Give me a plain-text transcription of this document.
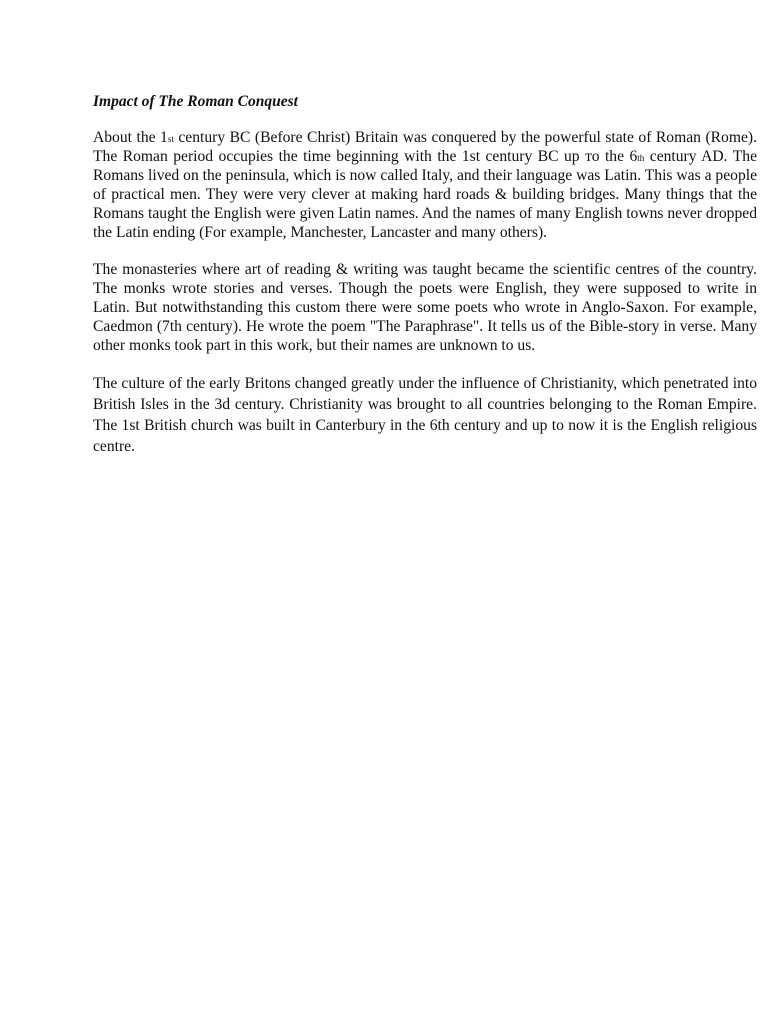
Impact of The Roman Conquest

About the 1st century BC (Before Christ) Britain was conquered by the powerful state of Roman (Rome). The Roman period occupies the time beginning with the 1st century BC up то the 6th century AD. The Romans lived on the peninsula, which is now called Italy, and their language was Latin. This was a people of practical men. They were very clever at making hard roads & building bridges. Many things that the Romans taught the English were given Latin names. And the names of many English towns never dropped the Latin ending (For example, Manchester, Lancaster and many others).

The monasteries where art of reading & writing was taught became the scientific centres of the country. The monks wrote stories and verses. Though the poets were English, they were supposed to write in Latin. But notwithstanding this custom there were some poets who wrote in Anglo-Saxon. For example, Caedmon (7th century). He wrote the poem "The Paraphrase". It tells us of the Bible-story in verse. Many other monks took part in this work, but their names are unknown to us.

The culture of the early Britons changed greatly under the influence of Christianity, which penetrated into British Isles in the 3d century. Christianity was brought to all countries belonging to the Roman Empire. The 1st British church was built in Canterbury in the 6th century and up to now it is the English religious centre.
